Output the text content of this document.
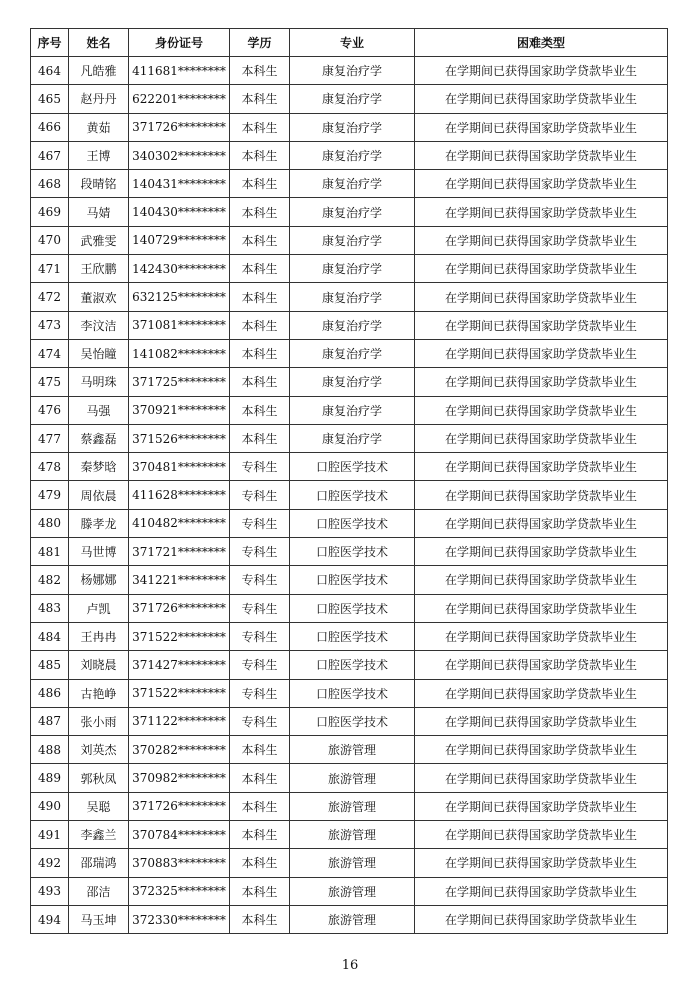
序号	姓名	身份证号	学历	专业	困难类型
464	凡皓雅	411681********	本科生	康复治疗学	在学期间已获得国家助学贷款毕业生
465	赵丹丹	622201********	本科生	康复治疗学	在学期间已获得国家助学贷款毕业生
466	黄茹	371726********	本科生	康复治疗学	在学期间已获得国家助学贷款毕业生
467	王博	340302********	本科生	康复治疗学	在学期间已获得国家助学贷款毕业生
468	段晴铭	140431********	本科生	康复治疗学	在学期间已获得国家助学贷款毕业生
469	马婧	140430********	本科生	康复治疗学	在学期间已获得国家助学贷款毕业生
470	武雅雯	140729********	本科生	康复治疗学	在学期间已获得国家助学贷款毕业生
471	王欣鹏	142430********	本科生	康复治疗学	在学期间已获得国家助学贷款毕业生
472	董淑欢	632125********	本科生	康复治疗学	在学期间已获得国家助学贷款毕业生
473	李汶洁	371081********	本科生	康复治疗学	在学期间已获得国家助学贷款毕业生
474	吴怡瞳	141082********	本科生	康复治疗学	在学期间已获得国家助学贷款毕业生
475	马明珠	371725********	本科生	康复治疗学	在学期间已获得国家助学贷款毕业生
476	马强	370921********	本科生	康复治疗学	在学期间已获得国家助学贷款毕业生
477	蔡鑫磊	371526********	本科生	康复治疗学	在学期间已获得国家助学贷款毕业生
478	秦梦晗	370481********	专科生	口腔医学技术	在学期间已获得国家助学贷款毕业生
479	周依晨	411628********	专科生	口腔医学技术	在学期间已获得国家助学贷款毕业生
480	滕孝龙	410482********	专科生	口腔医学技术	在学期间已获得国家助学贷款毕业生
481	马世博	371721********	专科生	口腔医学技术	在学期间已获得国家助学贷款毕业生
482	杨娜娜	341221********	专科生	口腔医学技术	在学期间已获得国家助学贷款毕业生
483	卢凯	371726********	专科生	口腔医学技术	在学期间已获得国家助学贷款毕业生
484	王冉冉	371522********	专科生	口腔医学技术	在学期间已获得国家助学贷款毕业生
485	刘晓晨	371427********	专科生	口腔医学技术	在学期间已获得国家助学贷款毕业生
486	古艳峥	371522********	专科生	口腔医学技术	在学期间已获得国家助学贷款毕业生
487	张小雨	371122********	专科生	口腔医学技术	在学期间已获得国家助学贷款毕业生
488	刘英杰	370282********	本科生	旅游管理	在学期间已获得国家助学贷款毕业生
489	郭秋凤	370982********	本科生	旅游管理	在学期间已获得国家助学贷款毕业生
490	吴聪	371726********	本科生	旅游管理	在学期间已获得国家助学贷款毕业生
491	李鑫兰	370784********	本科生	旅游管理	在学期间已获得国家助学贷款毕业生
492	邵瑞鸿	370883********	本科生	旅游管理	在学期间已获得国家助学贷款毕业生
493	邵洁	372325********	本科生	旅游管理	在学期间已获得国家助学贷款毕业生
494	马玉坤	372330********	本科生	旅游管理	在学期间已获得国家助学贷款毕业生
16
